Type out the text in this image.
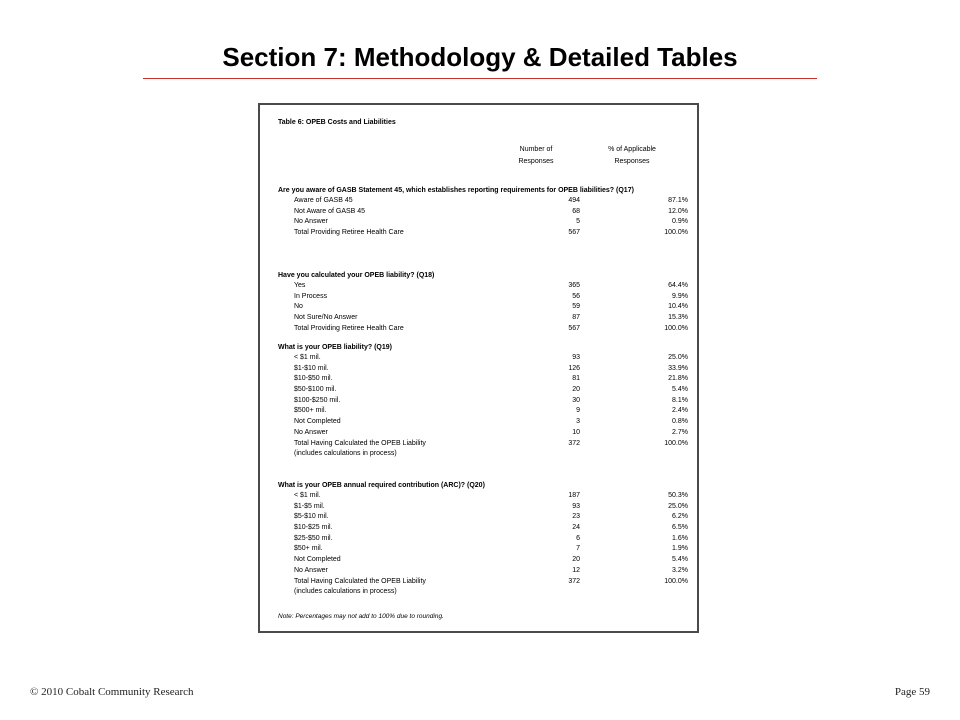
Section 7: Methodology & Detailed Tables
Table 6: OPEB Costs and Liabilities
Number of
Responses
% of Applicable
Responses
Are you aware of GASB Statement 45, which establishes reporting requirements for OPEB liabilities? (Q17)
Aware of GASB 45	494	87.1%
Not Aware of GASB 45	68	12.0%
No Answer	5	0.9%
Total Providing Retiree Health Care	567	100.0%
Have you calculated your OPEB liability? (Q18)
Yes	365	64.4%
In Process	56	9.9%
No	59	10.4%
Not Sure/No Answer	87	15.3%
Total Providing Retiree Health Care	567	100.0%
What is your OPEB liability? (Q19)
< $1 mil.	93	25.0%
$1-$10 mil.	126	33.9%
$10-$50 mil.	81	21.8%
$50-$100 mil.	20	5.4%
$100-$250 mil.	30	8.1%
$500+ mil.	9	2.4%
Not Completed	3	0.8%
No Answer	10	2.7%
Total Having Calculated the OPEB Liability	372	100.0%
(includes calculations in process)
What is your OPEB annual required contribution (ARC)? (Q20)
< $1 mil.	187	50.3%
$1-$5 mil.	93	25.0%
$5-$10 mil.	23	6.2%
$10-$25 mil.	24	6.5%
$25-$50 mil.	6	1.6%
$50+ mil.	7	1.9%
Not Completed	20	5.4%
No Answer	12	3.2%
Total Having Calculated the OPEB Liability	372	100.0%
(includes calculations in process)
Note: Percentages may not add to 100% due to rounding.
© 2010 Cobalt Community Research	Page 59
